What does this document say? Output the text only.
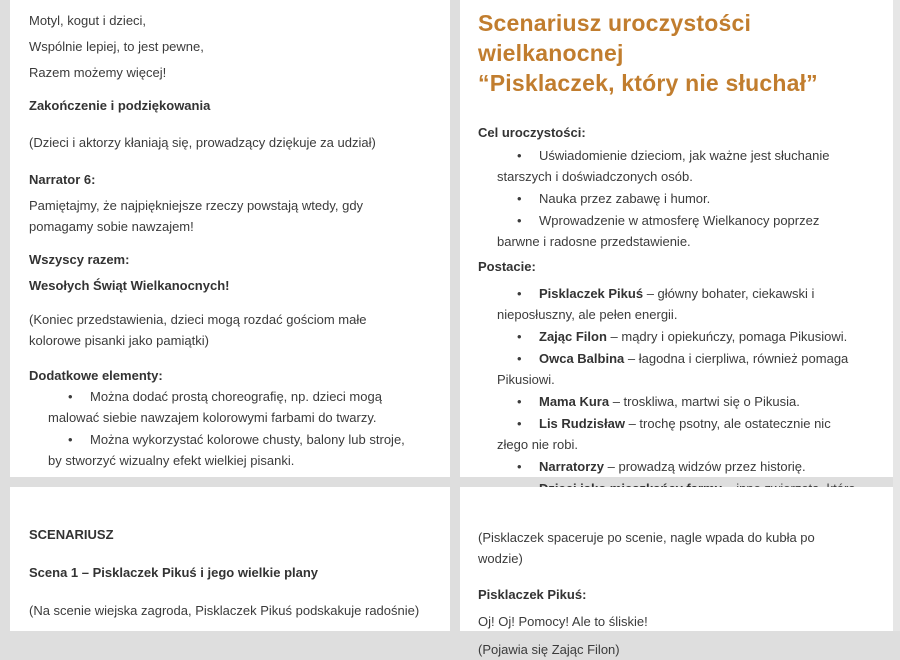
Motyl, kogut i dzieci,

Wspólnie lepiej, to jest pewne,

Razem możemy więcej!

Zakończenie i podziękowania

(Dzieci i aktorzy kłaniają się, prowadzący dziękuje za udział)

Narrator 6:

Pamiętajmy, że najpiękniejsze rzeczy powstają wtedy, gdy pomagamy sobie nawzajem!

Wszyscy razem:

Wesołych Świąt Wielkanocnych!

(Koniec przedstawienia, dzieci mogą rozdać gościom małe kolorowe pisanki jako pamiątki)

Dodatkowe elementy:

• Można dodać prostą choreografię, np. dzieci mogą malować siebie nawzajem kolorowymi farbami do twarzy.
• Można wykorzystać kolorowe chusty, balony lub stroje, by stworzyć wizualny efekt wielkiej pisanki.
Scenariusz uroczystości wielkanocnej
“Pisklaczek, który nie słuchał”

Cel uroczystości:

• Uświadomienie dzieciom, jak ważne jest słuchanie starszych i doświadczonych osób.
• Nauka przez zabawę i humor.
• Wprowadzenie w atmosferę Wielkanocy poprzez barwne i radosne przedstawienie.

Postacie:

• Pisklaczek Pikuś – główny bohater, ciekawski i nieposłuszny, ale pełen energii.
• Zając Filon – mądry i opiekuńczy, pomaga Pikusiowi.
• Owca Balbina – łagodna i cierpliwa, również pomaga Pikusiowi.
• Mama Kura – troskliwa, martwi się o Pikusia.
• Lis Rudzisław – trochę psotny, ale ostatecznie nic złego nie robi.
• Narratorzy – prowadzą widzów przez historię.

SCENARIUSZ

Scena 1 – Pisklaczek Pikuś i jego wielkie plany

(Na scenie wiejska zagroda, Pisklaczek Pikuś podskakuje radośnie)

(Pisklaczek spaceruje po scenie, nagle wpada do kubła po wodzie)

Pisklaczek Pikuś:

Oj! Oj! Pomocy! Ale to śliskie!

(Pojawia się Zając Filon)
